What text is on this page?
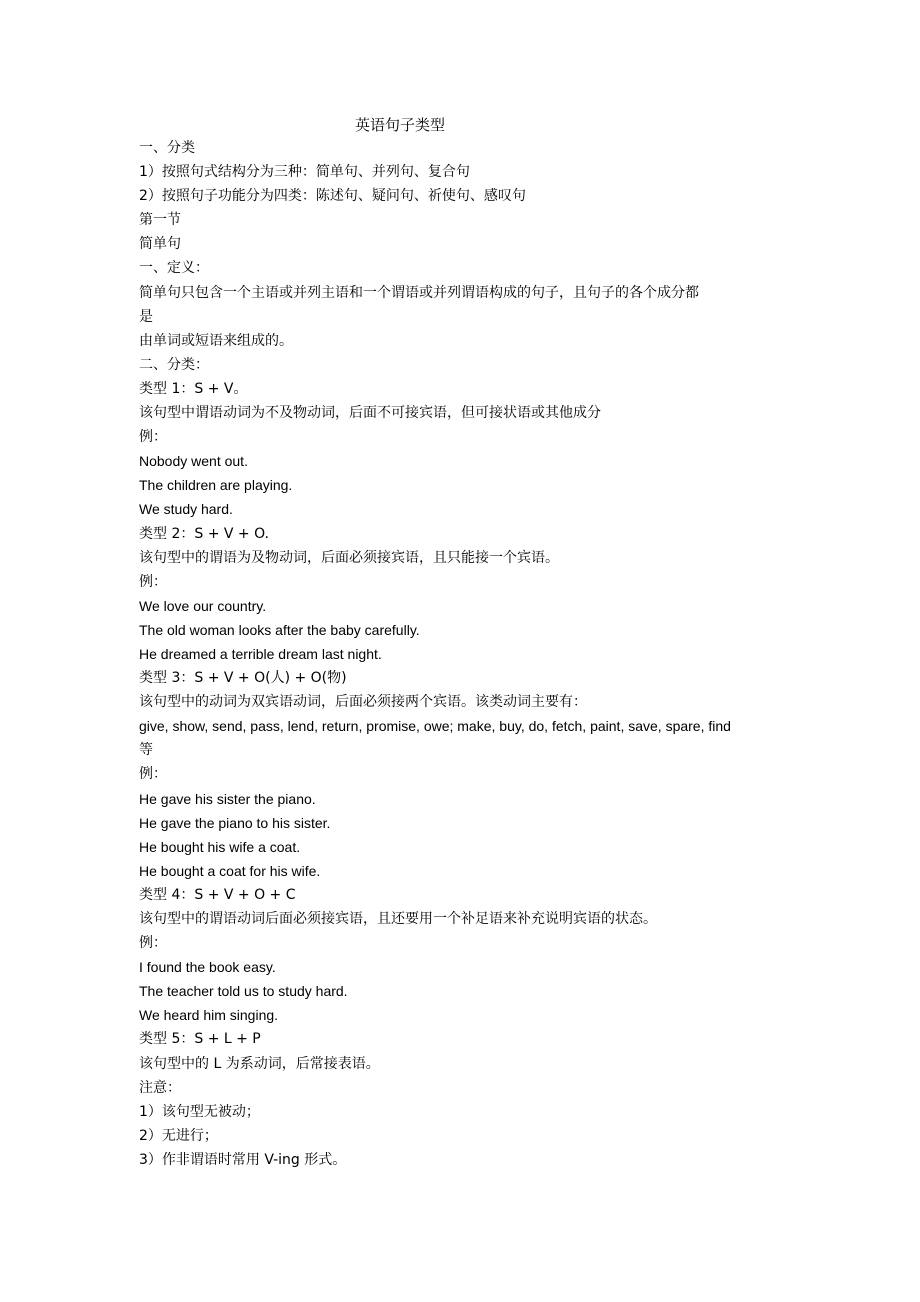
英语句子类型
一、分类
1）按照句式结构分为三种：简单句、并列句、复合句
2）按照句子功能分为四类：陈述句、疑问句、祈使句、感叹句
第一节
简单句
一、定义：
简单句只包含一个主语或并列主语和一个谓语或并列谓语构成的句子，且句子的各个成分都
是
由单词或短语来组成的。
二、分类：
类型 1：S + V。
该句型中谓语动词为不及物动词，后面不可接宾语，但可接状语或其他成分
例：
Nobody went out.
The children are playing.
We study hard.
类型 2：S + V + O.
该句型中的谓语为及物动词，后面必须接宾语，且只能接一个宾语。
例：
We love our country.
The old woman looks after the baby carefully.
He dreamed a terrible dream last night.
类型 3：S + V + O(人) + O(物)
该句型中的动词为双宾语动词，后面必须接两个宾语。该类动词主要有：
give, show, send, pass, lend, return, promise, owe; make, buy, do, fetch, paint, save, spare, find
等
例：
He gave his sister the piano.
He gave the piano to his sister.
He bought his wife a coat.
He bought a coat for his wife.
类型 4：S + V + O + C
该句型中的谓语动词后面必须接宾语，且还要用一个补足语来补充说明宾语的状态。
例：
I found the book easy.
The teacher told us to study hard.
We heard him singing.
类型 5：S + L + P
该句型中的 L 为系动词，后常接表语。
注意：
1）该句型无被动；
2）无进行；
3）作非谓语时常用 V-ing 形式。
